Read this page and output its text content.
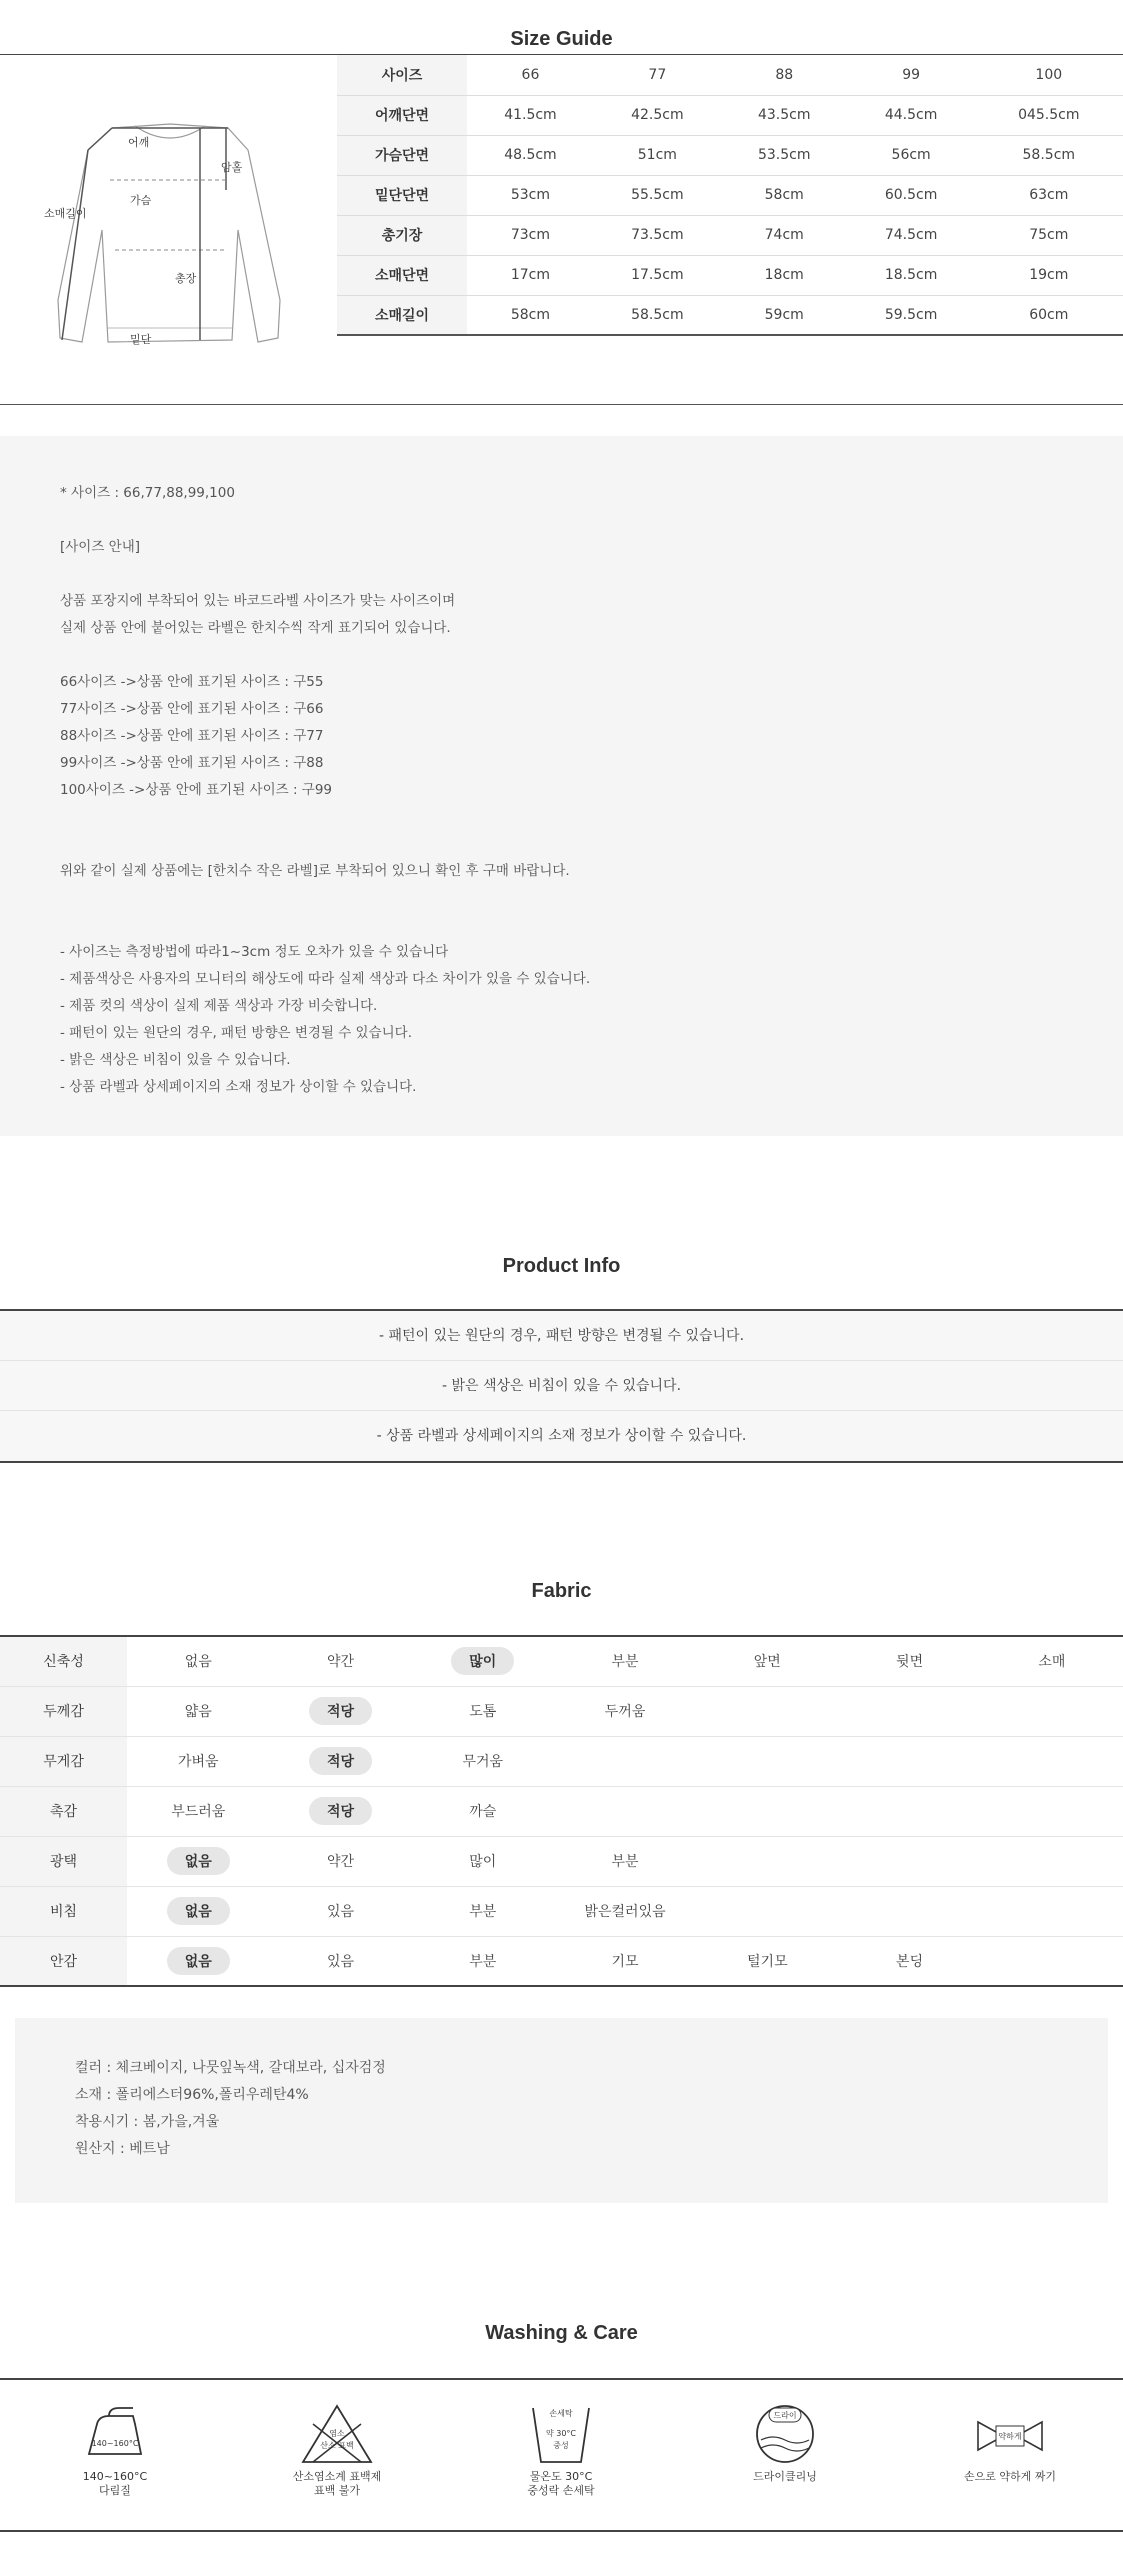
Size Guide
어깨
가슴
암홀
소매길이
총장
밑단
사이즈	66	77	88	99	100
어깨단면	41.5cm	42.5cm	43.5cm	44.5cm	045.5cm
가슴단면	48.5cm	51cm	53.5cm	56cm	58.5cm
밑단단면	53cm	55.5cm	58cm	60.5cm	63cm
총기장	73cm	73.5cm	74cm	74.5cm	75cm
소매단면	17cm	17.5cm	18cm	18.5cm	19cm
소매길이	58cm	58.5cm	59cm	59.5cm	60cm
* 사이즈 : 66,77,88,99,100
[사이즈 안내]
상품 포장지에 부착되어 있는 바코드라벨 사이즈가 맞는 사이즈이며
실제 상품 안에 붙어있는 라벨은 한치수씩 작게 표기되어 있습니다.
66사이즈 ->상품 안에 표기된 사이즈 : 구55
77사이즈 ->상품 안에 표기된 사이즈 : 구66
88사이즈 ->상품 안에 표기된 사이즈 : 구77
99사이즈 ->상품 안에 표기된 사이즈 : 구88
100사이즈 ->상품 안에 표기된 사이즈 : 구99
위와 같이 실제 상품에는 [한치수 작은 라벨]로 부착되어 있으니 확인 후 구매 바랍니다.
- 사이즈는 측정방법에 따라1~3cm 정도 오차가 있을 수 있습니다
- 제품색상은 사용자의 모니터의 해상도에 따라 실제 색상과 다소 차이가 있을 수 있습니다.
- 제품 컷의 색상이 실제 제품 색상과 가장 비슷합니다.
- 패턴이 있는 원단의 경우, 패턴 방향은 변경될 수 있습니다.
- 밝은 색상은 비침이 있을 수 있습니다.
- 상품 라벨과 상세페이지의 소재 정보가 상이할 수 있습니다.
Product Info
- 패턴이 있는 원단의 경우, 패턴 방향은 변경될 수 있습니다.
- 밝은 색상은 비침이 있을 수 있습니다.
- 상품 라벨과 상세페이지의 소재 정보가 상이할 수 있습니다.
Fabric
신축성	없음	약간	많이	부분	앞면	뒷면	소매
두께감	얇음	적당	도톰	두꺼움			
무게감	가벼움	적당	무거움				
촉감	부드러움	적당	까슬				
광택	없음	약간	많이	부분			
비침	없음	있음	부분	밝은컬러있음			
안감	없음	있음	부분	기모	털기모	본딩	
컬러 : 체크베이지, 나뭇잎녹색, 갈대보라, 십자검정
소재 : 폴리에스터96%,폴리우레탄4%
착용시기 : 봄,가을,겨울
원산지 : 베트남
Washing & Care
140~160°C
140~160°C
다림질
염소
산소 표백
산소염소계 표백제
표백 불가
손세탁
약 30°C
중성
물온도 30°C
중성락 손세탁
드라이
드라이클리닝
약하게
손으로 약하게 짜기
